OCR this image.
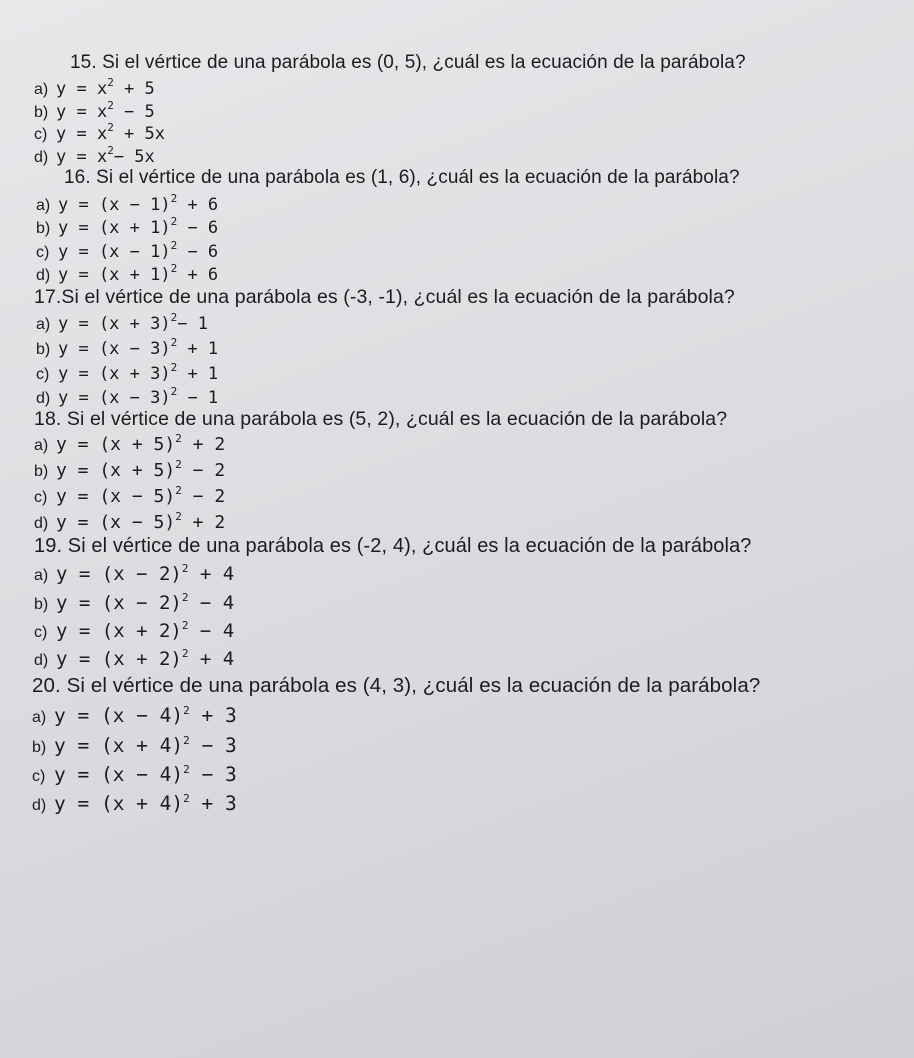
15. Si el vértice de una parábola es (0, 5), ¿cuál es la ecuación de la parábola?
a) $y = x^2 + 5$
b) $y = x^2 - 5$
c) $y = x^2 + 5x$
d) $y = x^2- 5x$
16. Si el vértice de una parábola es (1, 6), ¿cuál es la ecuación de la parábola?
a) $y = (x - 1)^2 + 6$
b) $y = (x + 1)^2 - 6$
c) $y = (x - 1)^2 - 6$
d) $y = (x + 1)^2 + 6$
17.Si el vértice de una parábola es (-3, -1), ¿cuál es la ecuación de la parábola?
a) $y = (x + 3)^2- 1$
b) $y = (x - 3)^2 + 1$
c) $y = (x + 3)^2 + 1$
d) $y = (x - 3)^2 - 1$
18. Si el vértice de una parábola es (5, 2), ¿cuál es la ecuación de la parábola?
a) $y = (x + 5)^2 + 2$
b) $y = (x + 5)^2 - 2$
c) $y = (x - 5)^2 - 2$
d) $y = (x - 5)^2 + 2$
19. Si el vértice de una parábola es (-2, 4), ¿cuál es la ecuación de la parábola?
a) $y = (x - 2)^2 + 4$
b) $y = (x - 2)^2 - 4$
c) $y = (x + 2)^2 - 4$
d) $y = (x + 2)^2 + 4$
20. Si el vértice de una parábola es (4, 3), ¿cuál es la ecuación de la parábola?
a) $y = (x - 4)^2 + 3$
b) $y = (x + 4)^2 - 3$
c) $y = (x - 4)^2 - 3$
d) $y = (x + 4)^2 + 3$
